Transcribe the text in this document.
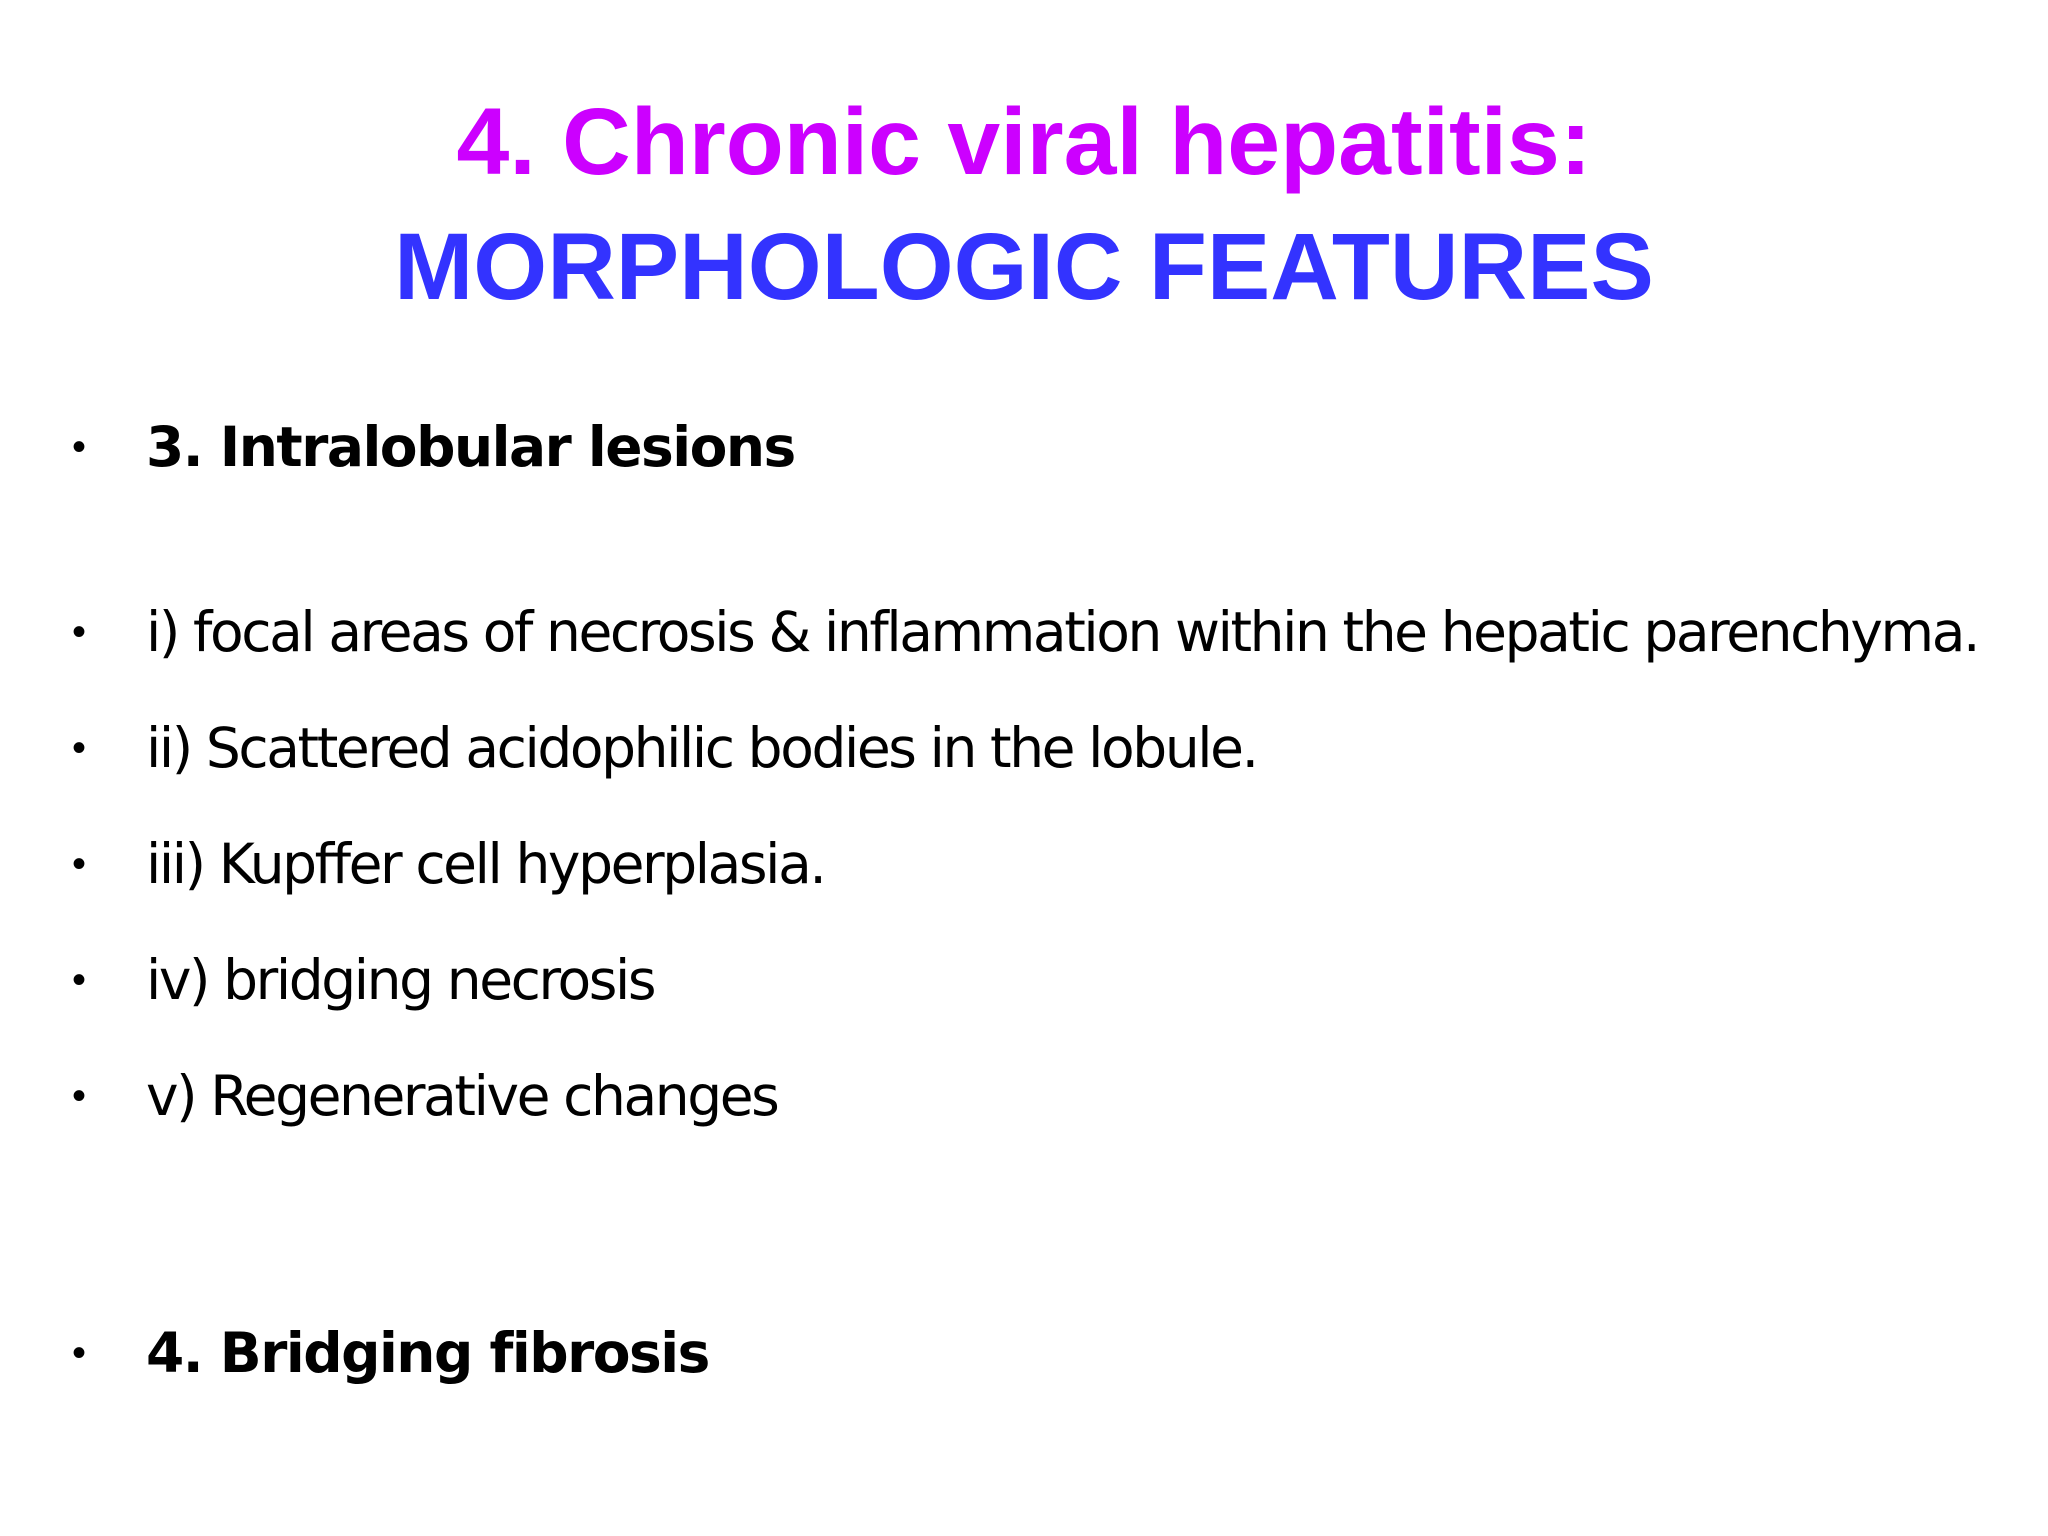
4. Chronic viral hepatitis:
MORPHOLOGIC FEATURES
•	3. Intralobular lesions
•	i) focal areas of necrosis & inflammation within the hepatic parenchyma.
•	ii) Scattered acidophilic bodies in the lobule.
•	iii) Kupffer cell hyperplasia.
•	iv) bridging necrosis
•	v) Regenerative changes
•	4. Bridging fibrosis
